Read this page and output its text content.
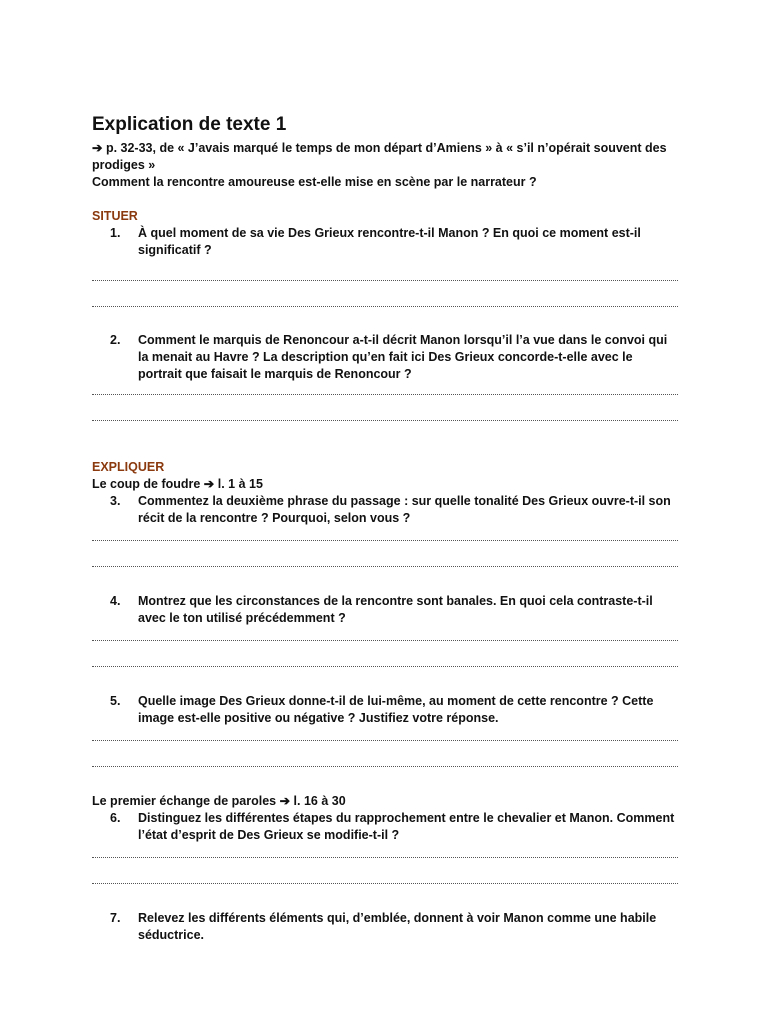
Explication de texte 1

➔ p. 32-33, de « J’avais marqué le temps de mon départ d’Amiens » à « s’il n’opérait souvent des prodiges »

Comment la rencontre amoureuse est-elle mise en scène par le narrateur ?

SITUER

1.	À quel moment de sa vie Des Grieux rencontre-t-il Manon ? En quoi ce moment est-il significatif ?
2.	Comment le marquis de Renoncour a-t-il décrit Manon lorsqu’il l’a vue dans le convoi qui la menait au Havre ? La description qu’en fait ici Des Grieux concorde-t-elle avec le portrait que faisait le marquis de Renoncour ?

EXPLIQUER

Le coup de foudre ➔ l. 1 à 15

3.	Commentez la deuxième phrase du passage : sur quelle tonalité Des Grieux ouvre-t-il son récit de la rencontre ? Pourquoi, selon vous ?
4.	Montrez que les circonstances de la rencontre sont banales. En quoi cela contraste-t-il avec le ton utilisé précédemment ?
5.	Quelle image Des Grieux donne-t-il de lui-même, au moment de cette rencontre ? Cette image est-elle positive ou négative ? Justifiez votre réponse.

Le premier échange de paroles ➔ l. 16 à 30

6.	Distinguez les différentes étapes du rapprochement entre le chevalier et Manon. Comment l’état d’esprit de Des Grieux se modifie-t-il ?
7.	Relevez les différents éléments qui, d’emblée, donnent à voir Manon comme une habile séductrice.
